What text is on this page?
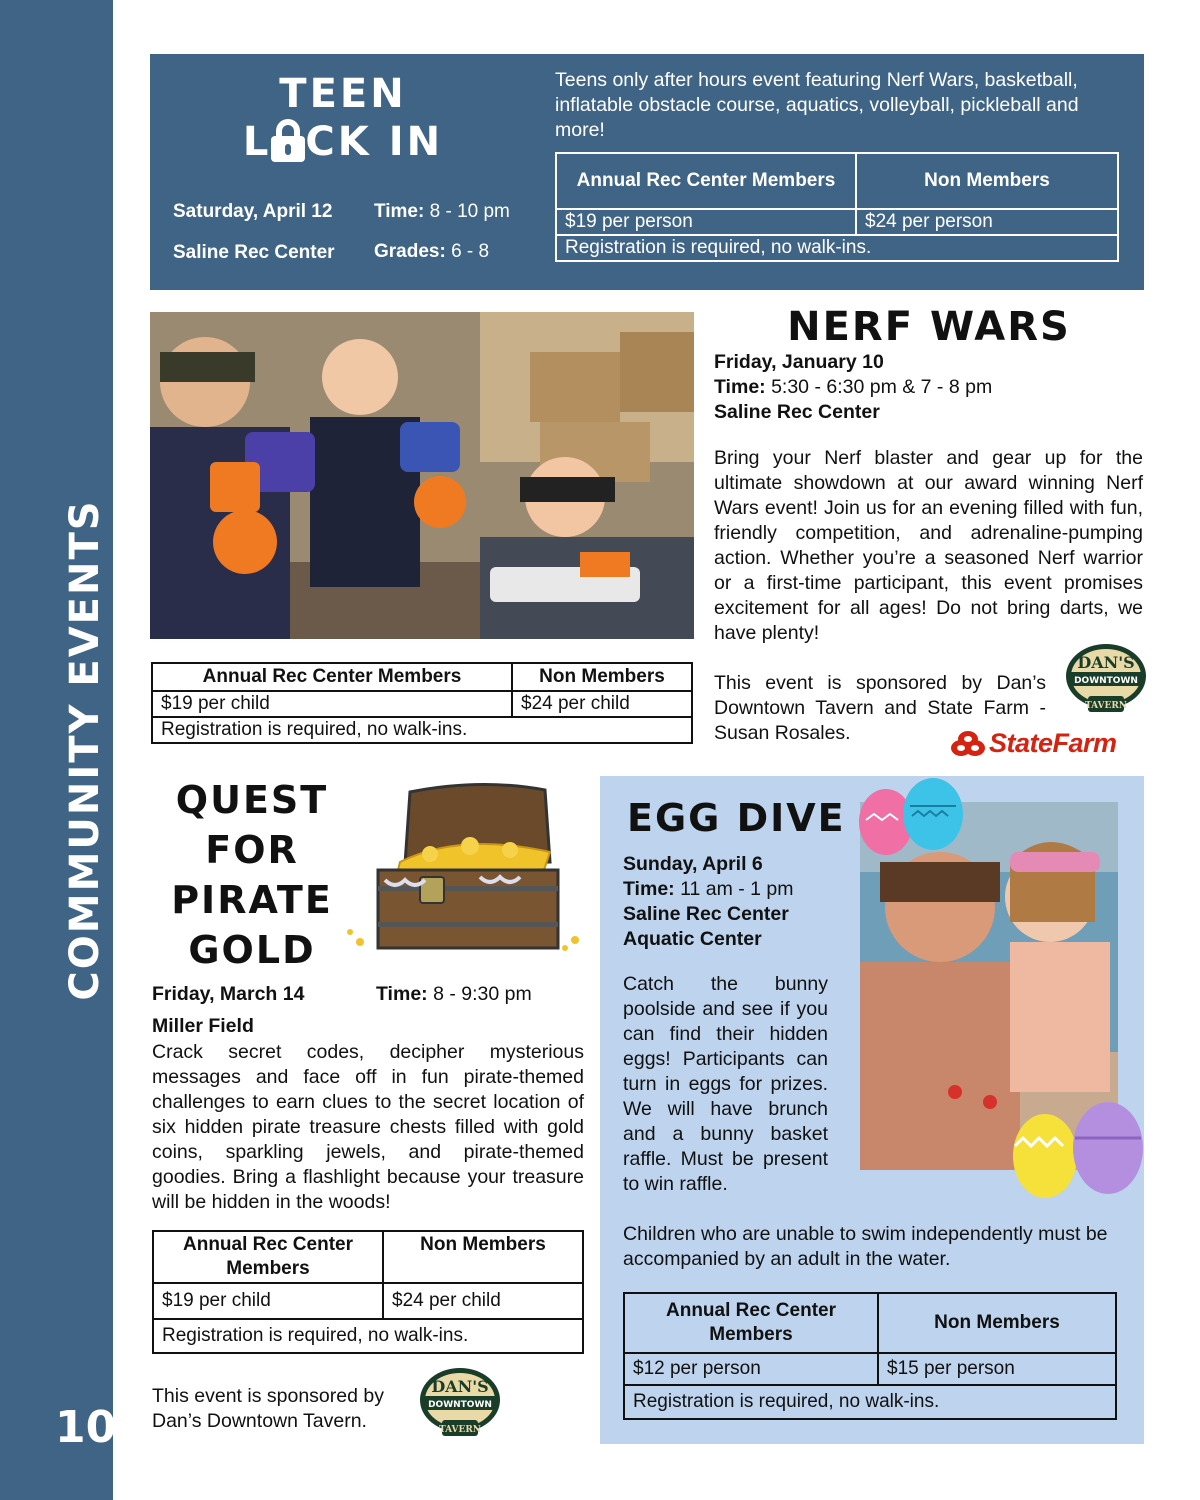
COMMUNITY EVENTS
10
TEEN
L CK IN
Saturday, April 12 Time: 8 - 10 pm
Saline Rec Center Grades: 6 - 8
Teens only after hours event featuring Nerf Wars, basketball, inflatable obstacle course, aquatics, volleyball, pickleball and more!
Annual Rec Center Members	Non Members
$19 per person	$24 per person
Registration is required, no walk-ins.	
Annual Rec Center Members	Non Members
$19 per child	$24 per child
Registration is required, no walk-ins.	
NERF WARS
Friday, January 10
Time: 5:30 - 6:30 pm & 7 - 8 pm
Saline Rec Center
Bring your Nerf blaster and gear up for the ultimate showdown at our award winning Nerf Wars event! Join us for an evening filled with fun, friendly competition, and adrenaline-pumping action. Whether you’re a seasoned Nerf warrior or a first-time participant, this event promises excitement for all ages! Do not bring darts, we have plenty!
This event is sponsored by Dan’s Downtown Tavern and State Farm - Susan Rosales.
DAN'S
DOWNTOWN
TAVERN
StateFarm
QUEST
FOR
PIRATE
GOLD
Friday, March 14	Time: 8 - 9:30 pm
Miller Field
Crack secret codes, decipher mysterious messages and face off in fun pirate-themed challenges to earn clues to the secret location of six hidden pirate treasure chests filled with gold coins, sparkling jewels, and pirate-themed goodies. Bring a flashlight because your treasure will be hidden in the woods!
Annual Rec Center Members	Non Members
$19 per child	$24 per child
Registration is required, no walk-ins.	
This event is sponsored by Dan’s Downtown Tavern.
DAN'S
DOWNTOWN
TAVERN
EGG DIVE
Sunday, April 6
Time: 11 am - 1 pm
Saline Rec Center
Aquatic Center
Catch the bunny poolside and see if you can find their hidden eggs! Participants can turn in eggs for prizes. We will have brunch and a bunny basket raffle. Must be present to win raffle.
Children who are unable to swim independently must be accompanied by an adult in the water.
Annual Rec Center Members	Non Members
$12 per person	$15 per person
Registration is required, no walk-ins.	
